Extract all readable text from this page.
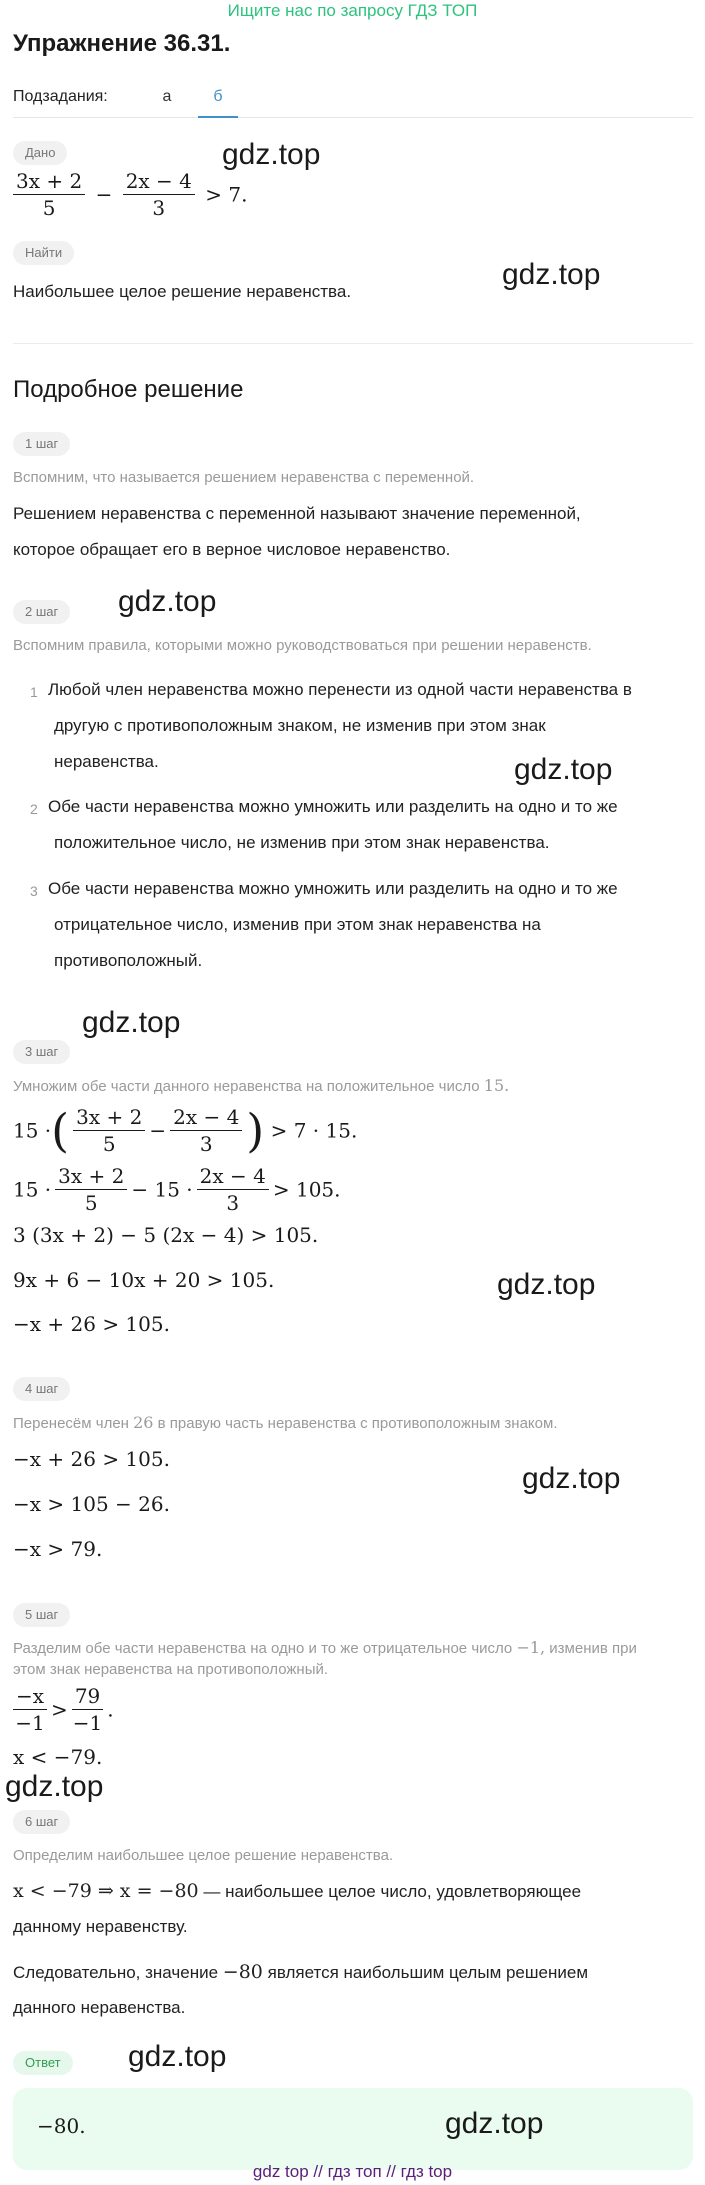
Ищите нас по запросу ГДЗ ТОП
Упражнение 36.31.
Подзадания:	а	б
Дано
$\frac{3x + 2}{5} - \frac{2x - 4}{3} > 7$.
Найти
Наибольшее целое решение неравенства.
Подробное решение
1 шаг
Вспомним, что называется решением неравенства с переменной.
Решением неравенства с переменной называют значение переменной,
которое обращает его в верное числовое неравенство.
2 шаг
Вспомним правила, которыми можно руководствоваться при решении неравенств.
1 Любой член неравенства можно перенести из одной части неравенства в
другую с противоположным знаком, не изменив при этом знак
неравенства.
2 Обе части неравенства можно умножить или разделить на одно и то же
положительное число, не изменив при этом знак неравенства.
3 Обе части неравенства можно умножить или разделить на одно и то же
отрицательное число, изменив при этом знак неравенства на
противоположный.
3 шаг
Умножим обе части данного неравенства на положительное число 15.
15 ·( $\frac{3x + 2}{5} - \frac{2x - 4}{3}$ ) > 7 · 15.
$15 \cdot \frac{3x + 2}{5} - 15 \cdot \frac{2x - 4}{3} > 105$.
3 (3x + 2) − 5 (2x − 4) > 105.
9x + 6 − 10x + 20 > 105.
−x + 26 > 105.
4 шаг
Перенесём член 26 в правую часть неравенства с противоположным знаком.
−x + 26 > 105.
−x > 105 − 26.
−x > 79.
5 шаг
Разделим обе части неравенства на одно и то же отрицательное число −1, изменив при
этом знак неравенства на противоположный.
$\frac{-x}{-1} > \frac{79}{-1}$ .
x < −79.
6 шаг
Определим наибольшее целое решение неравенства.
x < −79 ⇒ x = −80 — наибольшее целое число, удовлетворяющее
данному неравенству.
Следовательно, значение −80 является наибольшим целым решением
данного неравенства.
Ответ
−80.
gdz.top
gdz.top
gdz.top
gdz.top
gdz.top
gdz.top
gdz.top
gdz.top
gdz.top
gdz.top
gdz top // гдз топ // гдз top
